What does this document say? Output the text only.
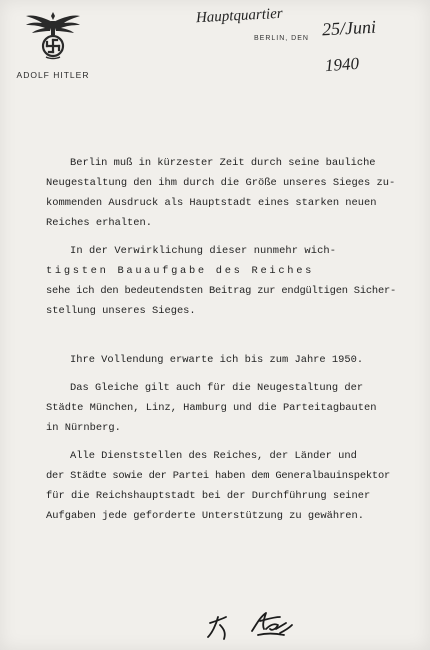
ADOLF HITLER
Hauptquartier
BERLIN, DEN 25/Juni
1940
Berlin muß in kürzester Zeit durch seine bauliche
Neugestaltung den ihm durch die Größe unseres Sieges zu-
kommenden Ausdruck als Hauptstadt eines starken neuen
Reiches erhalten.
In der Verwirklichung dieser nunmehr wich-
tigsten Bauaufgabe des Reiches
sehe ich den bedeutendsten Beitrag zur endgültigen Sicher-
stellung unseres Sieges.
Ihre Vollendung erwarte ich bis zum Jahre 1950.
Das Gleiche gilt auch für die Neugestaltung der
Städte München, Linz, Hamburg und die Parteitagbauten
in Nürnberg.
Alle Dienststellen des Reiches, der Länder und
der Städte sowie der Partei haben dem Generalbauinspektor
für die Reichshauptstadt bei der Durchführung seiner
Aufgaben jede geforderte Unterstützung zu gewähren.
